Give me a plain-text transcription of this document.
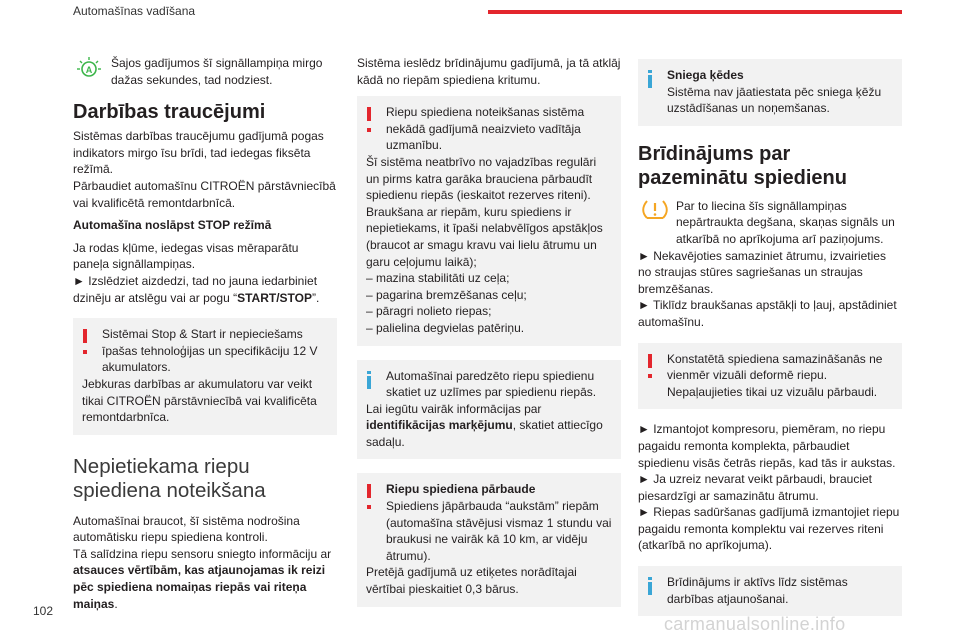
Automašīnas vadīšana
A Šajos gadījumos šī signāllampiņa mirgo dažas sekundes, tad nodziest.

Darbības traucējumi

Sistēmas darbības traucējumu gadījumā pogas indikators mirgo īsu brīdi, tad iedegas fiksēta režīmā.

Pārbaudiet automašīnu CITROËN pārstāvniecībā vai kvalificētā remontdarbnīcā.

Automašīna noslāpst STOP režīmā

Ja rodas kļūme, iedegas visas mēraparātu paneļa signāllampiņas.

► Izslēdziet aizdedzi, tad no jauna iedarbiniet dzinēju ar atslēgu vai ar pogu “START/STOP”.

Sistēmai Stop & Start ir nepieciešams īpašas tehnoloģijas un specifikāciju 12 V akumulators.

Jebkuras darbības ar akumulatoru var veikt tikai CITROËN pārstāvniecībā vai kvalificēta remontdarbnīca.

Nepietiekama riepu spiediena noteikšana

Automašīnai braucot, šī sistēma nodrošina automātisku riepu spiediena kontroli.

Tā salīdzina riepu sensoru sniegto informāciju ar atsauces vērtībām, kas atjaunojamas ik reizi pēc spiediena nomaiņas riepās vai riteņa maiņas.

Sistēma ieslēdz brīdinājumu gadījumā, ja tā atklāj kādā no riepām spiediena kritumu.

Riepu spiediena noteikšanas sistēma nekādā gadījumā neaizvieto vadītāja uzmanību.

Šī sistēma neatbrīvo no vajadzības regulāri un pirms katra garāka brauciena pārbaudīt spiedienu riepās (ieskaitot rezerves riteni).

Braukšana ar riepām, kuru spiediens ir nepietiekams, it īpaši nelabvēlīgos apstākļos (braucot ar smagu kravu vai lielu ātrumu un garu ceļojumu laikā);

– mazina stabilitāti uz ceļa;

– pagarina bremzēšanas ceļu;

– pāragri nolieto riepas;

– palielina degvielas patēriņu.

Automašīnai paredzēto riepu spiedienu skatiet uz uzlīmes par spiedienu riepās.

Lai iegūtu vairāk informācijas par identifikācijas marķējumu, skatiet attiecīgo sadaļu.

Riepu spiediena pārbaude

Spiediens jāpārbauda “aukstām” riepām (automašīna stāvējusi vismaz 1 stundu vai braukusi ne vairāk kā 10 km, ar vidēju ātrumu).

Pretējā gadījumā uz etiķetes norādītajai vērtībai pieskaitiet 0,3 bārus.

Sniega ķēdes

Sistēma nav jāatiestata pēc sniega ķēžu uzstādīšanas un noņemšanas.

Brīdinājums par pazeminātu spiedienu

Par to liecina šīs signāllampiņas nepārtraukta degšana, skaņas signāls un atkarībā no aprīkojuma arī paziņojums.

► Nekavējoties samaziniet ātrumu, izvairieties no straujas stūres sagriešanas un straujas bremzēšanas.

► Tiklīdz braukšanas apstākļi to ļauj, apstādiniet automašīnu.

Konstatētā spiediena samazināšanās ne vienmēr vizuāli deformē riepu. Nepaļaujieties tikai uz vizuālu pārbaudi.

► Izmantojot kompresoru, piemēram, no riepu pagaidu remonta komplekta, pārbaudiet spiedienu visās četrās riepās, kad tās ir aukstas.

► Ja uzreiz nevarat veikt pārbaudi, brauciet piesardzīgi ar samazinātu ātrumu.

► Riepas sadūršanas gadījumā izmantojiet riepu pagaidu remonta komplektu vai rezerves riteni (atkarībā no aprīkojuma).

Brīdinājums ir aktīvs līdz sistēmas darbības atjaunošanai.

102
carmanualsonline.info
